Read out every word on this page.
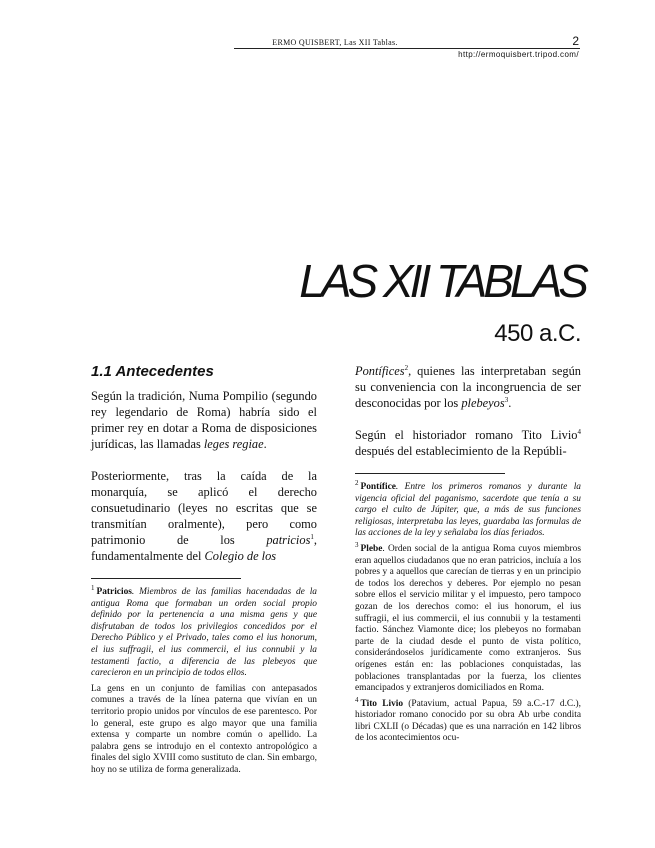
ERMO QUISBERT, Las XII Tablas.	2
http://ermoquisbert.tripod.com/
LAS XII TABLAS
450 a.C.
1.1 Antecedentes

Según la tradición, Numa Pompilio (segundo rey legendario de Roma) habría sido el primer rey en dotar a Roma de disposiciones jurídicas, las llamadas leges regiae.

Posteriormente, tras la caída de la monarquía, se aplicó el derecho consuetudinario (leyes no escritas que se transmitían oralmente), pero como patrimonio de los patricios$^1$, fundamentalmente del Colegio de los

$^1$ Patricios. Miembros de las familias hacendadas de la antigua Roma que formaban un orden social propio definido por la pertenencia a una misma gens y que disfrutaban de todos los privilegios concedidos por el Derecho Público y el Privado, tales como el ius honorum, el ius suffragii, el ius commercii, el ius connubii y la testamenti factio, a diferencia de las plebeyos que carecieron en un principio de todos ellos.

La gens en un conjunto de familias con antepasados comunes a través de la línea paterna que vivían en un territorio propio unidos por vínculos de ese parentesco. Por lo general, este grupo es algo mayor que una familia extensa y comparte un nombre común o apellido. La palabra gens se introdujo en el contexto antropológico a finales del siglo XVIII como sustituto de clan. Sin embargo, hoy no se utiliza de forma generalizada.

Pontífices$^2$, quienes las interpretaban según su conveniencia con la incongruencia de ser desconocidas por los plebeyos$^3$.

Según el historiador romano Tito Livio$^4$ después del establecimiento de la Repúbli-

$^2$ Pontífice. Entre los primeros romanos y durante la vigencia oficial del paganismo, sacerdote que tenía a su cargo el culto de Júpiter, que, a más de sus funciones religiosas, interpretaba las leyes, guardaba las formulas de las acciones de la ley y señalaba los días feriados.

$^3$ Plebe. Orden social de la antigua Roma cuyos miembros eran aquellos ciudadanos que no eran patricios, incluía a los pobres y a aquellos que carecían de tierras y en un principio de todos los derechos y deberes. Por ejemplo no pesan sobre ellos el servicio militar y el impuesto, pero tampoco gozan de los derechos como: el ius honorum, el ius suffragii, el ius commercii, el ius connubii y la testamenti factio. Sánchez Viamonte dice; los plebeyos no formaban parte de la ciudad desde el punto de vista político, considerándoselos jurídicamente como extranjeros. Sus orígenes están en: las poblaciones conquistadas, las poblaciones transplantadas por la fuerza, los clientes emancipados y extranjeros domiciliados en Roma.

$^4$ Tito Livio (Patavium, actual Papua, 59 a.C.-17 d.C.), historiador romano conocido por su obra Ab urbe condita libri CXLII (o Décadas) que es una narración en 142 libros de los acontecimientos ocu-
